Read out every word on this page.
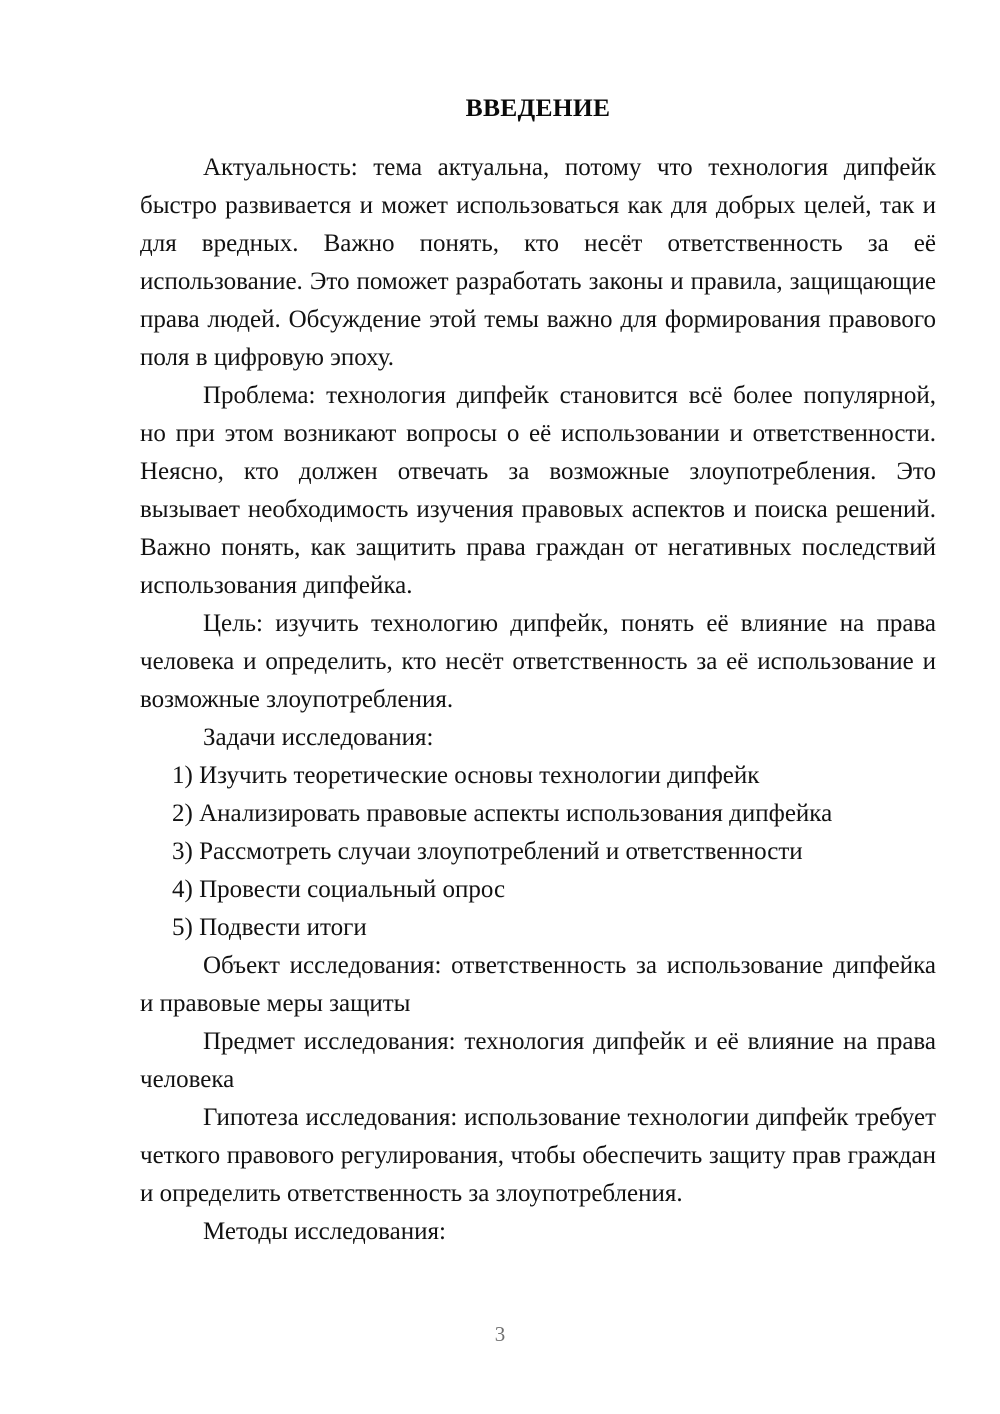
ВВЕДЕНИЕ

Актуальность: тема актуальна, потому что технология дипфейк быстро развивается и может использоваться как для добрых целей, так и для вредных. Важно понять, кто несёт ответственность за её использование. Это поможет разработать законы и правила, защищающие права людей. Обсуждение этой темы важно для формирования правового поля в цифровую эпоху.

Проблема: технология дипфейк становится всё более популярной, но при этом возникают вопросы о её использовании и ответственности. Неясно, кто должен отвечать за возможные злоупотребления. Это вызывает необходимость изучения правовых аспектов и поиска решений. Важно понять, как защитить права граждан от негативных последствий использования дипфейка.

Цель: изучить технологию дипфейк, понять её влияние на права человека и определить, кто несёт ответственность за её использование и возможные злоупотребления.

Задачи исследования:

1) Изучить теоретические основы технологии дипфейк
2) Анализировать правовые аспекты использования дипфейка
3) Рассмотреть случаи злоупотреблений и ответственности
4) Провести социальный опрос
5) Подвести итоги

Объект исследования: ответственность за использование дипфейка и правовые меры защиты

Предмет исследования: технология дипфейк и её влияние на права человека

Гипотеза исследования: использование технологии дипфейк требует четкого правового регулирования, чтобы обеспечить защиту прав граждан и определить ответственность за злоупотребления.

Методы исследования:

3
